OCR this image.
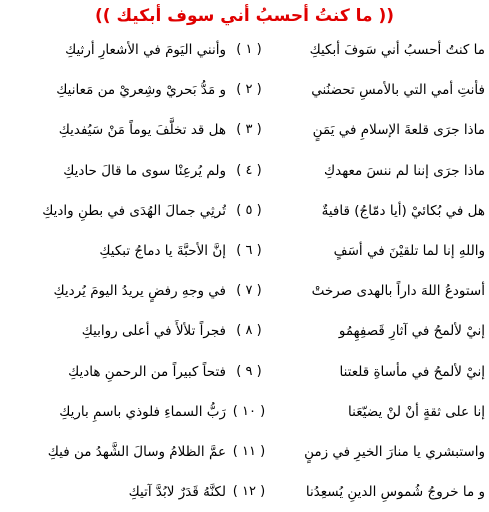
(( ما كنتُ أحسبُ أني سوف أبكيك ))
ما كنتُ أحسبُ أني سَوفَ أبكيكِ
( ١ )
وأنني اليَومَ في الأشعارِ أرثيكِ
فأنتِ أمي التي بالأمسِ تحضنُني
( ٢ )
و مَدُّ بَحريْ وشِعريْ من مَعانيكِ
ماذا جرَى قلعةَ الإسلامِ في يَمَنٍ
( ٣ )
هل قد تخلَّفَ يوماً مَنْ سَيُفديكِ
ماذا جرَى إننا لم ننسَ معهدكِ
( ٤ )
ولم يُرعِنْا سوى ما قالَ حاديكِ
هل في بُكائيْ (أيا دمّاجُ) قافيةٌ
( ٥ )
تُرثِي جمالَ الهُدَى في بطنِ واديكِ
واللهِ إنا لما تلقيْنَ في أسَفٍ
( ٦ )
إنَّ الأحبَّةَ يا دماجُ تبكيكِ
أستودعُ اللهَ داراً بالهدى صرختْ
( ٧ )
في وجهِ رفضٍ يريدُ اليومَ يُرديكِ
إنيْ لألمحُ في آثارِ قَصفِهِمُو
( ٨ )
فجراً تلألأَ في أعلى روابيكِ
إنيْ لألمحُ في مأساةِ قلعتنا
( ٩ )
فتحاً كبيراً من الرحمنِ هاديكِ
إنا على ثقةٍ أنْ لنْ يضيّعَنا
( ١٠ )
رَبُّ السماءِ فلوذي باسمِ باريكِ
واستبشري يا منارَ الخيرِ في زمنٍ
( ١١ )
عمَّ الظلامُ وسالَ الشَّهدُ من فيكِ
و ما خروجُ شُموسِ الدينِ يُسعِدُنا
( ١٢ )
لكنَّهُ قَدَرٌ لابُدَّ آتيكِ
